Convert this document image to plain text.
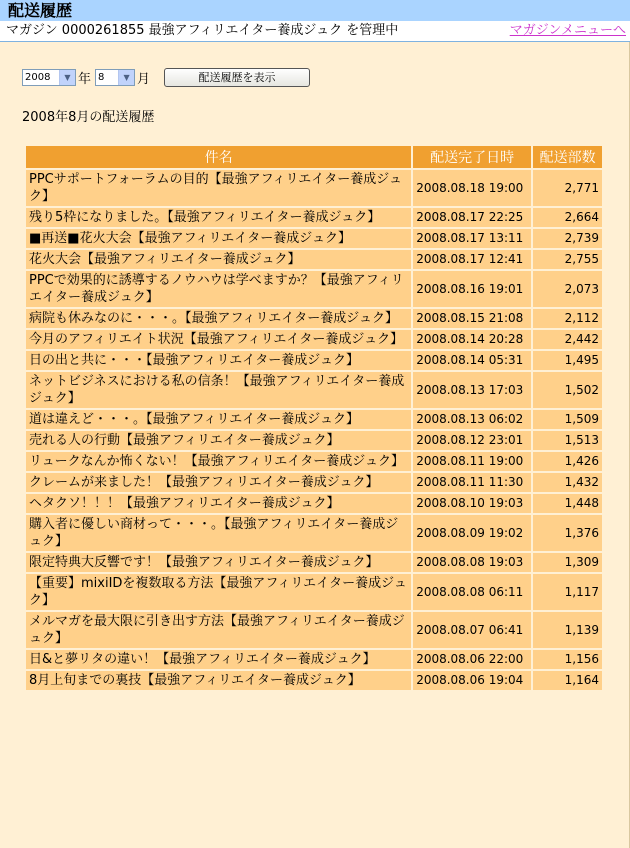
配送履歴
マガジン 0000261855 最強アフィリエイター養成ジュク を管理中	マガジンメニューへ
2008	▼ 年 8	▼ 月	配送履歴を表示
2008年8月の配送履歴
件名	配送完了日時	配送部数
PPCサポートフォーラムの目的【最強アフィリエイター養成ジュク】	2008.08.18 19:00	2,771
残り5枠になりました。【最強アフィリエイター養成ジュク】	2008.08.17 22:25	2,664
■再送■花火大会【最強アフィリエイター養成ジュク】	2008.08.17 13:11	2,739
花火大会【最強アフィリエイター養成ジュク】	2008.08.17 12:41	2,755
PPCで効果的に誘導するノウハウは学べますか？【最強アフィリエイター養成ジュク】	2008.08.16 19:01	2,073
病院も休みなのに・・・。【最強アフィリエイター養成ジュク】	2008.08.15 21:08	2,112
今月のアフィリエイト状況【最強アフィリエイター養成ジュク】	2008.08.14 20:28	2,442
日の出と共に・・・【最強アフィリエイター養成ジュク】	2008.08.14 05:31	1,495
ネットビジネスにおける私の信条！【最強アフィリエイター養成ジュク】	2008.08.13 17:03	1,502
道は違えど・・・。【最強アフィリエイター養成ジュク】	2008.08.13 06:02	1,509
売れる人の行動【最強アフィリエイター養成ジュク】	2008.08.12 23:01	1,513
リュークなんか怖くない！【最強アフィリエイター養成ジュク】	2008.08.11 19:00	1,426
クレームが来ました！【最強アフィリエイター養成ジュク】	2008.08.11 11:30	1,432
ヘタクソ！！！【最強アフィリエイター養成ジュク】	2008.08.10 19:03	1,448
購入者に優しい商材って・・・。【最強アフィリエイター養成ジュク】	2008.08.09 19:02	1,376
限定特典大反響です！【最強アフィリエイター養成ジュク】	2008.08.08 19:03	1,309
【重要】mixiIDを複数取る方法【最強アフィリエイター養成ジュク】	2008.08.08 06:11	1,117
メルマガを最大限に引き出す方法【最強アフィリエイター養成ジュク】	2008.08.07 06:41	1,139
日&と夢リタの違い！【最強アフィリエイター養成ジュク】	2008.08.06 22:00	1,156
8月上旬までの裏技【最強アフィリエイター養成ジュク】	2008.08.06 19:04	1,164
